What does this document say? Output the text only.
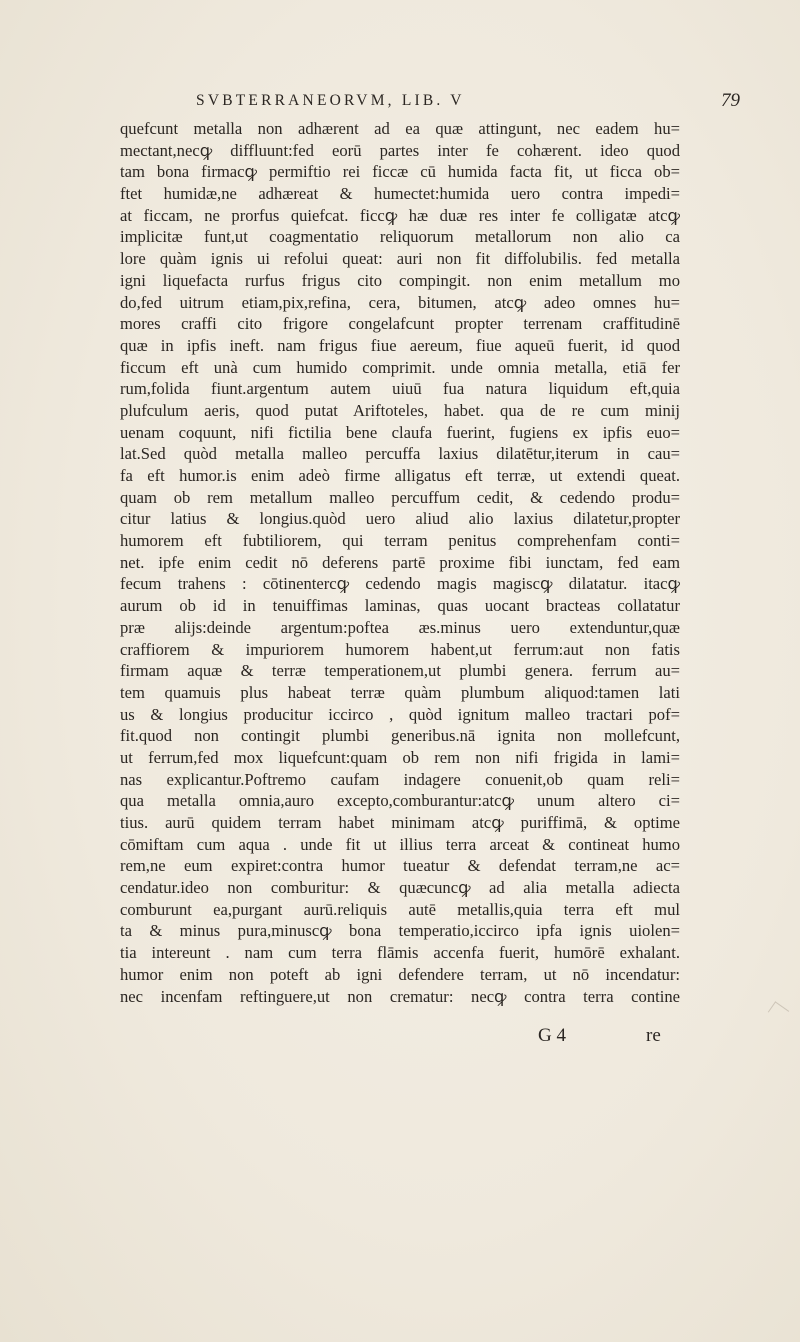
SVBTERRANEORVM, LIB. V	79
quefcunt metalla non adhærent ad ea quæ attingunt, nec eadem hu=
mectant,necꝙ diffluunt:fed eorū partes inter fe cohærent. ideo quod
tam bona firmacꝙ permiftio rei ficcæ cū humida facta fit, ut ficca ob=
ftet humidæ,ne adhæreat & humectet:humida uero contra impedi=
at ficcam, ne prorfus quiefcat. ficcꝙ hæ duæ res inter fe colligatæ atcꝙ
implicitæ funt,ut coagmentatio reliquorum metallorum non alio ca
lore quàm ignis ui refolui queat: auri non fit diffolubilis. fed metalla
igni liquefacta rurfus frigus cito compingit. non enim metallum mo
do,fed uitrum etiam,pix,refina, cera, bitumen, atcꝙ adeo omnes hu=
mores craffi cito frigore congelafcunt propter terrenam craffitudinē
quæ in ipfis ineft. nam frigus fiue aereum, fiue aqueū fuerit, id quod
ficcum eft unà cum humido comprimit. unde omnia metalla, etiā fer
rum,folida fiunt.argentum autem uiuū fua natura liquidum eft,quia
plufculum aeris, quod putat Ariftoteles, habet. qua de re cum minij
uenam coquunt, nifi fictilia bene claufa fuerint, fugiens ex ipfis euo=
lat.Sed quòd metalla malleo percuffa laxius dilatētur,iterum in cau=
fa eft humor.is enim adeò firme alligatus eft terræ, ut extendi queat.
quam ob rem metallum malleo percuffum cedit, & cedendo produ=
citur latius & longius.quòd uero aliud alio laxius dilatetur,propter
humorem eft fubtiliorem, qui terram penitus comprehenfam conti=
net. ipfe enim cedit nō deferens partē proxime fibi iunctam, fed eam
fecum trahens : cōtinentercꝙ cedendo magis magiscꝙ dilatatur. itacꝙ
aurum ob id in tenuiffimas laminas, quas uocant bracteas collatatur
præ alijs:deinde argentum:poftea æs.minus uero extenduntur,quæ
craffiorem & impuriorem humorem habent,ut ferrum:aut non fatis
firmam aquæ & terræ temperationem,ut plumbi genera. ferrum au=
tem quamuis plus habeat terræ quàm plumbum aliquod:tamen lati
us & longius producitur iccirco , quòd ignitum malleo tractari pof=
fit.quod non contingit plumbi generibus.nā ignita non mollefcunt,
ut ferrum,fed mox liquefcunt:quam ob rem non nifi frigida in lami=
nas explicantur.Poftremo caufam indagere conuenit,ob quam reli=
qua metalla omnia,auro excepto,comburantur:atcꝙ unum altero ci=
tius. aurū quidem terram habet minimam atcꝙ puriffimā, & optime
cōmiftam cum aqua . unde fit ut illius terra arceat & contineat humo
rem,ne eum expiret:contra humor tueatur & defendat terram,ne ac=
cendatur.ideo non comburitur: & quæcuncꝙ ad alia metalla adiecta
comburunt ea,purgant aurū.reliquis autē metallis,quia terra eft mul
ta & minus pura,minuscꝙ bona temperatio,iccirco ipfa ignis uiolen=
tia intereunt . nam cum terra flāmis accenfa fuerit, humōrē exhalant.
humor enim non poteft ab igni defendere terram, ut nō incendatur:
nec incenfam reftinguere,ut non crematur: necꝙ contra terra contine
G 4	re
